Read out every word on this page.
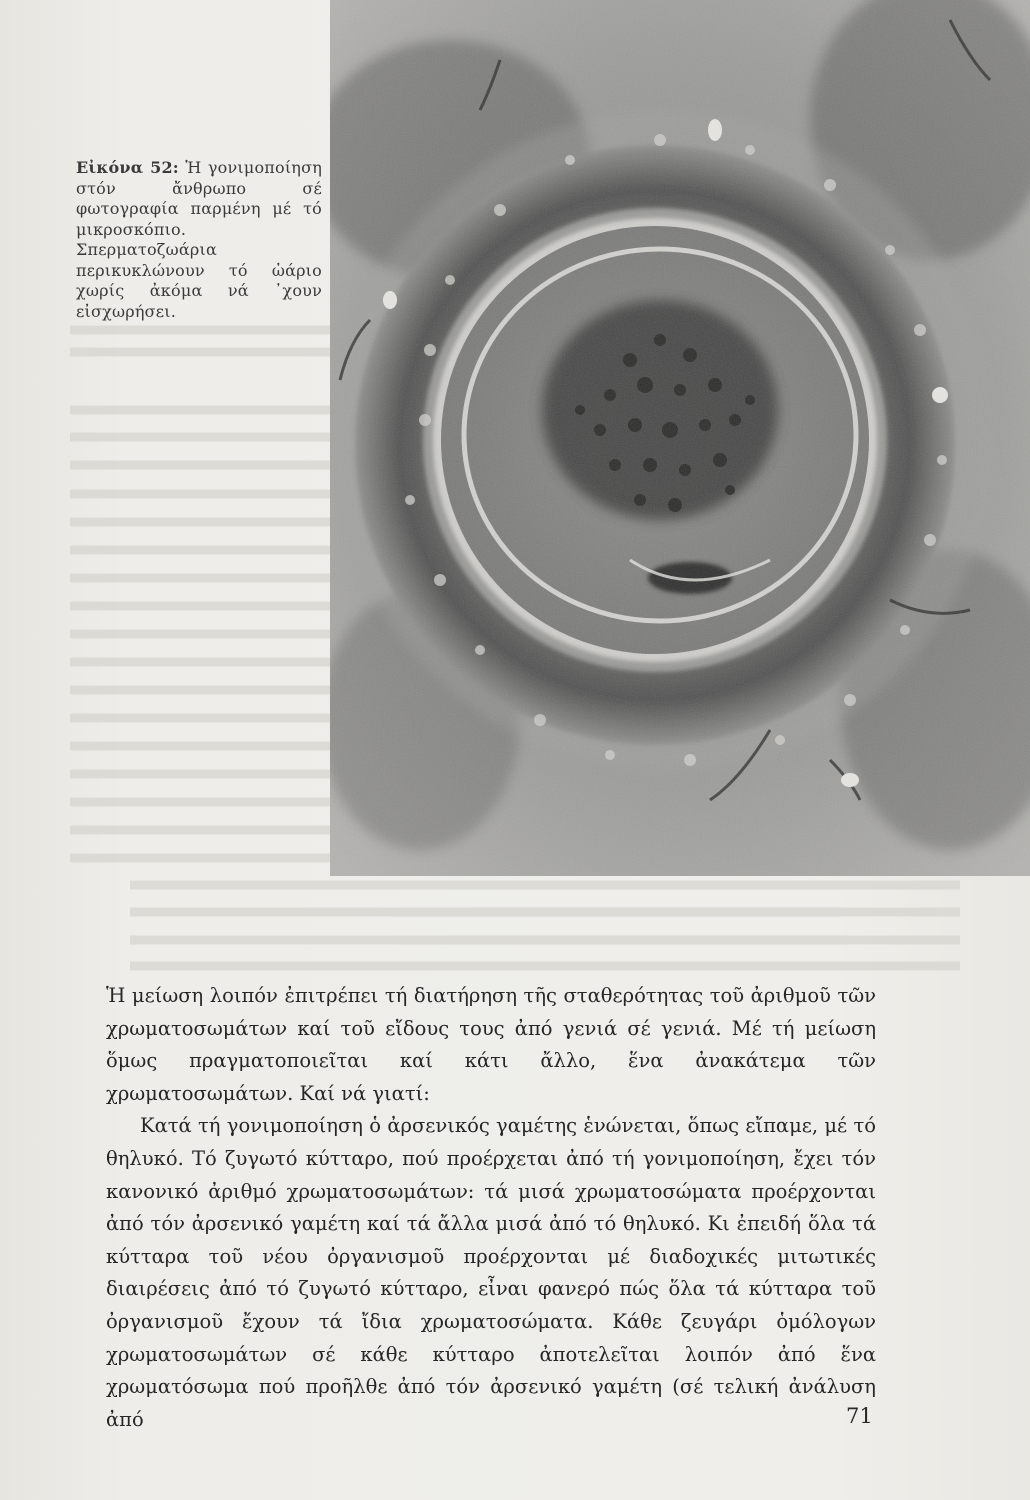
Εἰκόνα 52: Ἡ γονιμοποίηση στόν ἄνθρωπο σέ φωτογραφία παρμένη μέ τό μικροσκόπιο. Σπερματοζωάρια περικυκλώνουν τό ὠάριο χωρίς ἀκόμα νά ᾽χουν εἰσχωρήσει.

Ἡ μείωση λοιπόν ἐπιτρέπει τή διατήρηση τῆς σταθερότητας τοῦ ἀριθμοῦ τῶν χρωματοσωμάτων καί τοῦ εἴδους τους ἀπό γενιά σέ γενιά. Μέ τή μείωση ὅμως πραγματοποιεῖται καί κάτι ἄλλο, ἕνα ἀνακάτεμα τῶν χρωματοσωμάτων. Καί νά γιατί:

Κατά τή γονιμοποίηση ὁ ἀρσενικός γαμέτης ἑνώνεται, ὅπως εἴπαμε, μέ τό θηλυκό. Τό ζυγωτό κύτταρο, πού προέρχεται ἀπό τή γονιμοποίηση, ἔχει τόν κανονικό ἀριθμό χρωματοσωμάτων: τά μισά χρωματοσώματα προέρχονται ἀπό τόν ἀρσενικό γαμέτη καί τά ἄλλα μισά ἀπό τό θηλυκό. Κι ἐπειδή ὅλα τά κύτταρα τοῦ νέου ὀργανισμοῦ προέρχονται μέ διαδοχικές μιτωτικές διαιρέσεις ἀπό τό ζυγωτό κύτταρο, εἶναι φανερό πώς ὅλα τά κύτταρα τοῦ ὀργανισμοῦ ἔχουν τά ἴδια χρωματοσώματα. Κάθε ζευγάρι ὁμόλογων χρωματοσωμάτων σέ κάθε κύτταρο ἀποτελεῖται λοιπόν ἀπό ἕνα χρωματόσωμα πού προῆλθε ἀπό τόν ἀρσενικό γαμέτη (σέ τελική ἀνάλυση ἀπό	71
